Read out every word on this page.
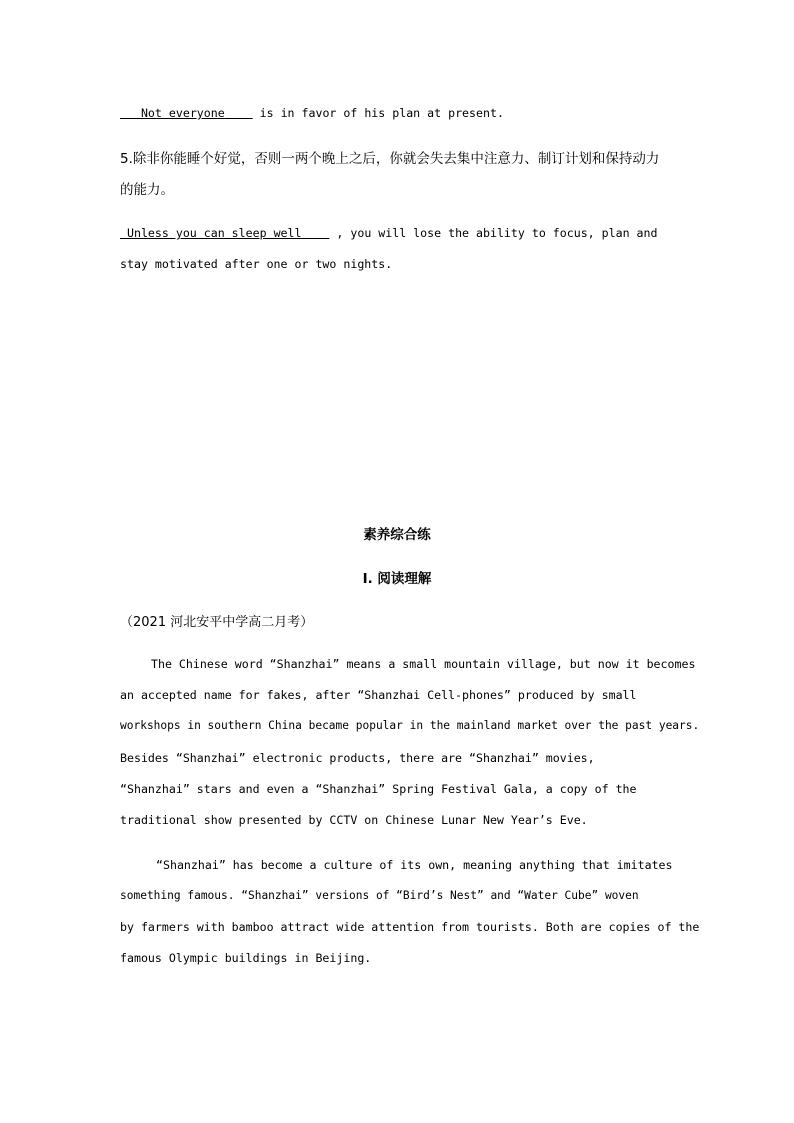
Not everyone	is in favor of his plan at present.
5.除非你能睡个好觉，否则一两个晚上之后，你就会失去集中注意力、制订计划和保持动力
的能力。
Unless you can sleep well	, you will lose the ability to focus, plan and
stay motivated after one or two nights.
素养综合练
Ⅰ. 阅读理解
（2021 河北安平中学高二月考）
The Chinese word “Shanzhai” means a small mountain village, but now it becomes
an accepted name for fakes, after “Shanzhai Cell-phones” produced by small
workshops in southern China became popular in the mainland market over the past years.
Besides “Shanzhai” electronic products, there are “Shanzhai” movies,
“Shanzhai” stars and even a “Shanzhai” Spring Festival Gala, a copy of the
traditional show presented by CCTV on Chinese Lunar New Year’s Eve.
“Shanzhai” has become a culture of its own, meaning anything that imitates
something famous. “Shanzhai” versions of “Bird’s Nest” and “Water Cube” woven
by farmers with bamboo attract wide attention from tourists. Both are copies of the
famous Olympic buildings in Beijing.
